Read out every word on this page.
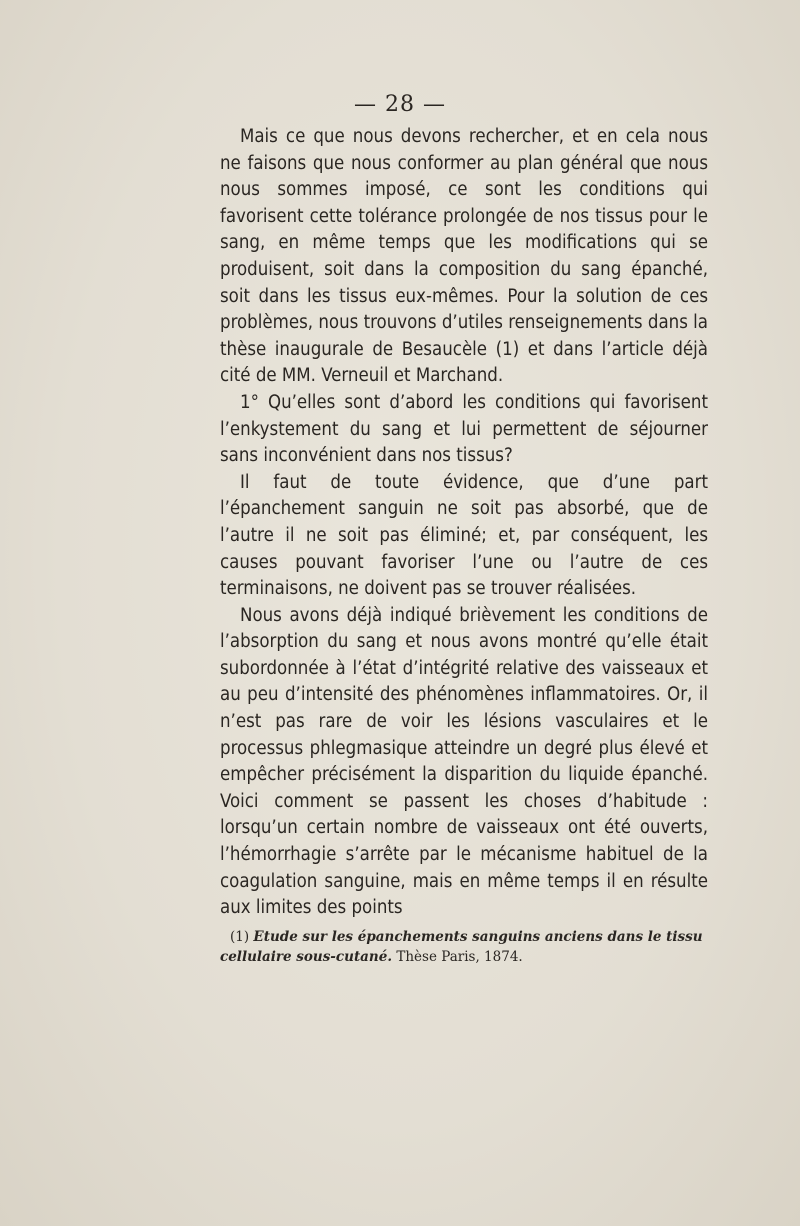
— 28 —

Mais ce que nous devons rechercher, et en cela nous ne faisons que nous conformer au plan général que nous nous sommes imposé, ce sont les conditions qui favorisent cette tolérance prolongée de nos tissus pour le sang, en même temps que les modifications qui se produisent, soit dans la composition du sang épanché, soit dans les tissus eux-mêmes. Pour la solution de ces problèmes, nous trouvons d’utiles renseignements dans la thèse inaugurale de Besaucèle (1) et dans l’article déjà cité de MM. Verneuil et Marchand.

1° Qu’elles sont d’abord les conditions qui favorisent l’enkystement du sang et lui permettent de séjourner sans inconvénient dans nos tissus?

Il faut de toute évidence, que d’une part l’épanchement sanguin ne soit pas absorbé, que de l’autre il ne soit pas éliminé; et, par conséquent, les causes pouvant favoriser l’une ou l’autre de ces terminaisons, ne doivent pas se trouver réalisées.

Nous avons déjà indiqué brièvement les conditions de l’absorption du sang et nous avons montré qu’elle était subordonnée à l’état d’intégrité relative des vaisseaux et au peu d’intensité des phénomènes inflammatoires. Or, il n’est pas rare de voir les lésions vasculaires et le processus phlegmasique atteindre un degré plus élevé et empêcher précisément la disparition du liquide épanché. Voici comment se passent les choses d’habitude : lorsqu’un certain nombre de vaisseaux ont été ouverts, l’hémorrhagie s’arrête par le mécanisme habituel de la coagulation sanguine, mais en même temps il en résulte aux limites des points

(1) Etude sur les épanchements sanguins anciens dans le tissu cellulaire sous-cutané. Thèse Paris, 1874.
